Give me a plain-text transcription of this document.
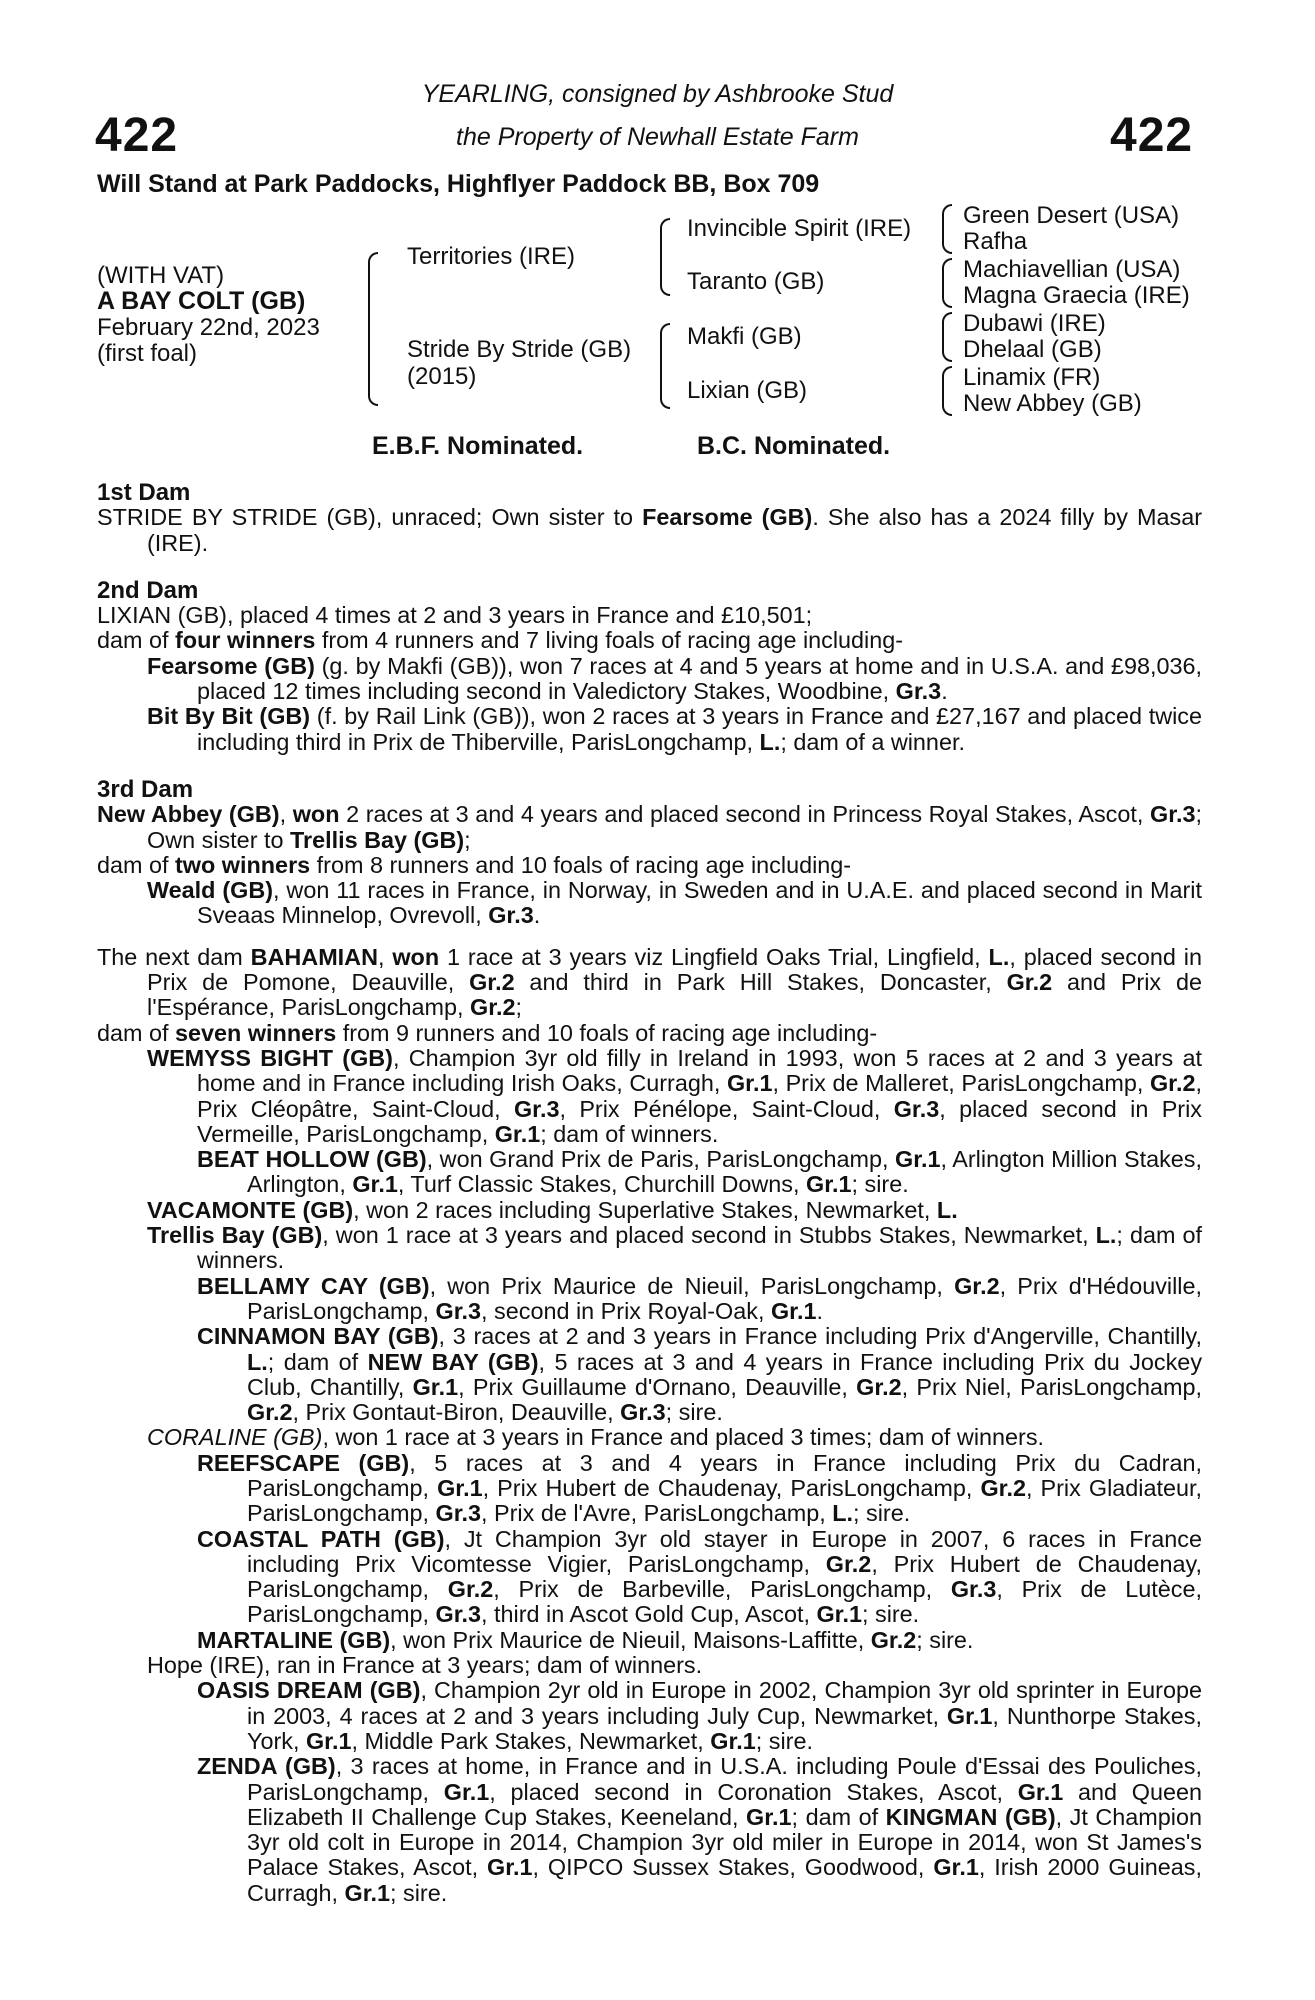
422	422
YEARLING, consigned by Ashbrooke Stud
the Property of Newhall Estate Farm
Will Stand at Park Paddocks, Highflyer Paddock BB, Box 709
(WITH VAT)
A BAY COLT (GB)
February 22nd, 2023
(first foal)
Territories (IRE)
Stride By Stride (GB)
(2015)
Invincible Spirit (IRE)
Taranto (GB)
Makfi (GB)
Lixian (GB)
Green Desert (USA)
Rafha
Machiavellian (USA)
Magna Graecia (IRE)
Dubawi (IRE)
Dhelaal (GB)
Linamix (FR)
New Abbey (GB)
E.B.F. Nominated.	B.C. Nominated.
1st Dam

STRIDE BY STRIDE (GB), unraced; Own sister to Fearsome (GB). She also has a 2024 filly by Masar (IRE).

2nd Dam

LIXIAN (GB), placed 4 times at 2 and 3 years in France and £10,501;

dam of four winners from 4 runners and 7 living foals of racing age including-

Fearsome (GB) (g. by Makfi (GB)), won 7 races at 4 and 5 years at home and in U.S.A. and £98,036, placed 12 times including second in Valedictory Stakes, Woodbine, Gr.3.

Bit By Bit (GB) (f. by Rail Link (GB)), won 2 races at 3 years in France and £27,167 and placed twice including third in Prix de Thiberville, ParisLongchamp, L.; dam of a winner.

3rd Dam

New Abbey (GB), won 2 races at 3 and 4 years and placed second in Princess Royal Stakes, Ascot, Gr.3; Own sister to Trellis Bay (GB);

dam of two winners from 8 runners and 10 foals of racing age including-

Weald (GB), won 11 races in France, in Norway, in Sweden and in U.A.E. and placed second in Marit Sveaas Minnelop, Ovrevoll, Gr.3.

The next dam BAHAMIAN, won 1 race at 3 years viz Lingfield Oaks Trial, Lingfield, L., placed second in Prix de Pomone, Deauville, Gr.2 and third in Park Hill Stakes, Doncaster, Gr.2 and Prix de l'Espérance, ParisLongchamp, Gr.2;

dam of seven winners from 9 runners and 10 foals of racing age including-

WEMYSS BIGHT (GB), Champion 3yr old filly in Ireland in 1993, won 5 races at 2 and 3 years at home and in France including Irish Oaks, Curragh, Gr.1, Prix de Malleret, ParisLongchamp, Gr.2, Prix Cléopâtre, Saint-Cloud, Gr.3, Prix Pénélope, Saint-Cloud, Gr.3, placed second in Prix Vermeille, ParisLongchamp, Gr.1; dam of winners.

BEAT HOLLOW (GB), won Grand Prix de Paris, ParisLongchamp, Gr.1, Arlington Million Stakes, Arlington, Gr.1, Turf Classic Stakes, Churchill Downs, Gr.1; sire.

VACAMONTE (GB), won 2 races including Superlative Stakes, Newmarket, L.

Trellis Bay (GB), won 1 race at 3 years and placed second in Stubbs Stakes, Newmarket, L.; dam of winners.

BELLAMY CAY (GB), won Prix Maurice de Nieuil, ParisLongchamp, Gr.2, Prix d'Hédouville, ParisLongchamp, Gr.3, second in Prix Royal-Oak, Gr.1.

CINNAMON BAY (GB), 3 races at 2 and 3 years in France including Prix d'Angerville, Chantilly, L.; dam of NEW BAY (GB), 5 races at 3 and 4 years in France including Prix du Jockey Club, Chantilly, Gr.1, Prix Guillaume d'Ornano, Deauville, Gr.2, Prix Niel, ParisLongchamp, Gr.2, Prix Gontaut-Biron, Deauville, Gr.3; sire.

CORALINE (GB), won 1 race at 3 years in France and placed 3 times; dam of winners.

REEFSCAPE (GB), 5 races at 3 and 4 years in France including Prix du Cadran, ParisLongchamp, Gr.1, Prix Hubert de Chaudenay, ParisLongchamp, Gr.2, Prix Gladiateur, ParisLongchamp, Gr.3, Prix de l'Avre, ParisLongchamp, L.; sire.

COASTAL PATH (GB), Jt Champion 3yr old stayer in Europe in 2007, 6 races in France including Prix Vicomtesse Vigier, ParisLongchamp, Gr.2, Prix Hubert de Chaudenay, ParisLongchamp, Gr.2, Prix de Barbeville, ParisLongchamp, Gr.3, Prix de Lutèce, ParisLongchamp, Gr.3, third in Ascot Gold Cup, Ascot, Gr.1; sire.

MARTALINE (GB), won Prix Maurice de Nieuil, Maisons-Laffitte, Gr.2; sire.

Hope (IRE), ran in France at 3 years; dam of winners.

OASIS DREAM (GB), Champion 2yr old in Europe in 2002, Champion 3yr old sprinter in Europe in 2003, 4 races at 2 and 3 years including July Cup, Newmarket, Gr.1, Nunthorpe Stakes, York, Gr.1, Middle Park Stakes, Newmarket, Gr.1; sire.

ZENDA (GB), 3 races at home, in France and in U.S.A. including Poule d'Essai des Pouliches, ParisLongchamp, Gr.1, placed second in Coronation Stakes, Ascot, Gr.1 and Queen Elizabeth II Challenge Cup Stakes, Keeneland, Gr.1; dam of KINGMAN (GB), Jt Champion 3yr old colt in Europe in 2014, Champion 3yr old miler in Europe in 2014, won St James's Palace Stakes, Ascot, Gr.1, QIPCO Sussex Stakes, Goodwood, Gr.1, Irish 2000 Guineas, Curragh, Gr.1; sire.
